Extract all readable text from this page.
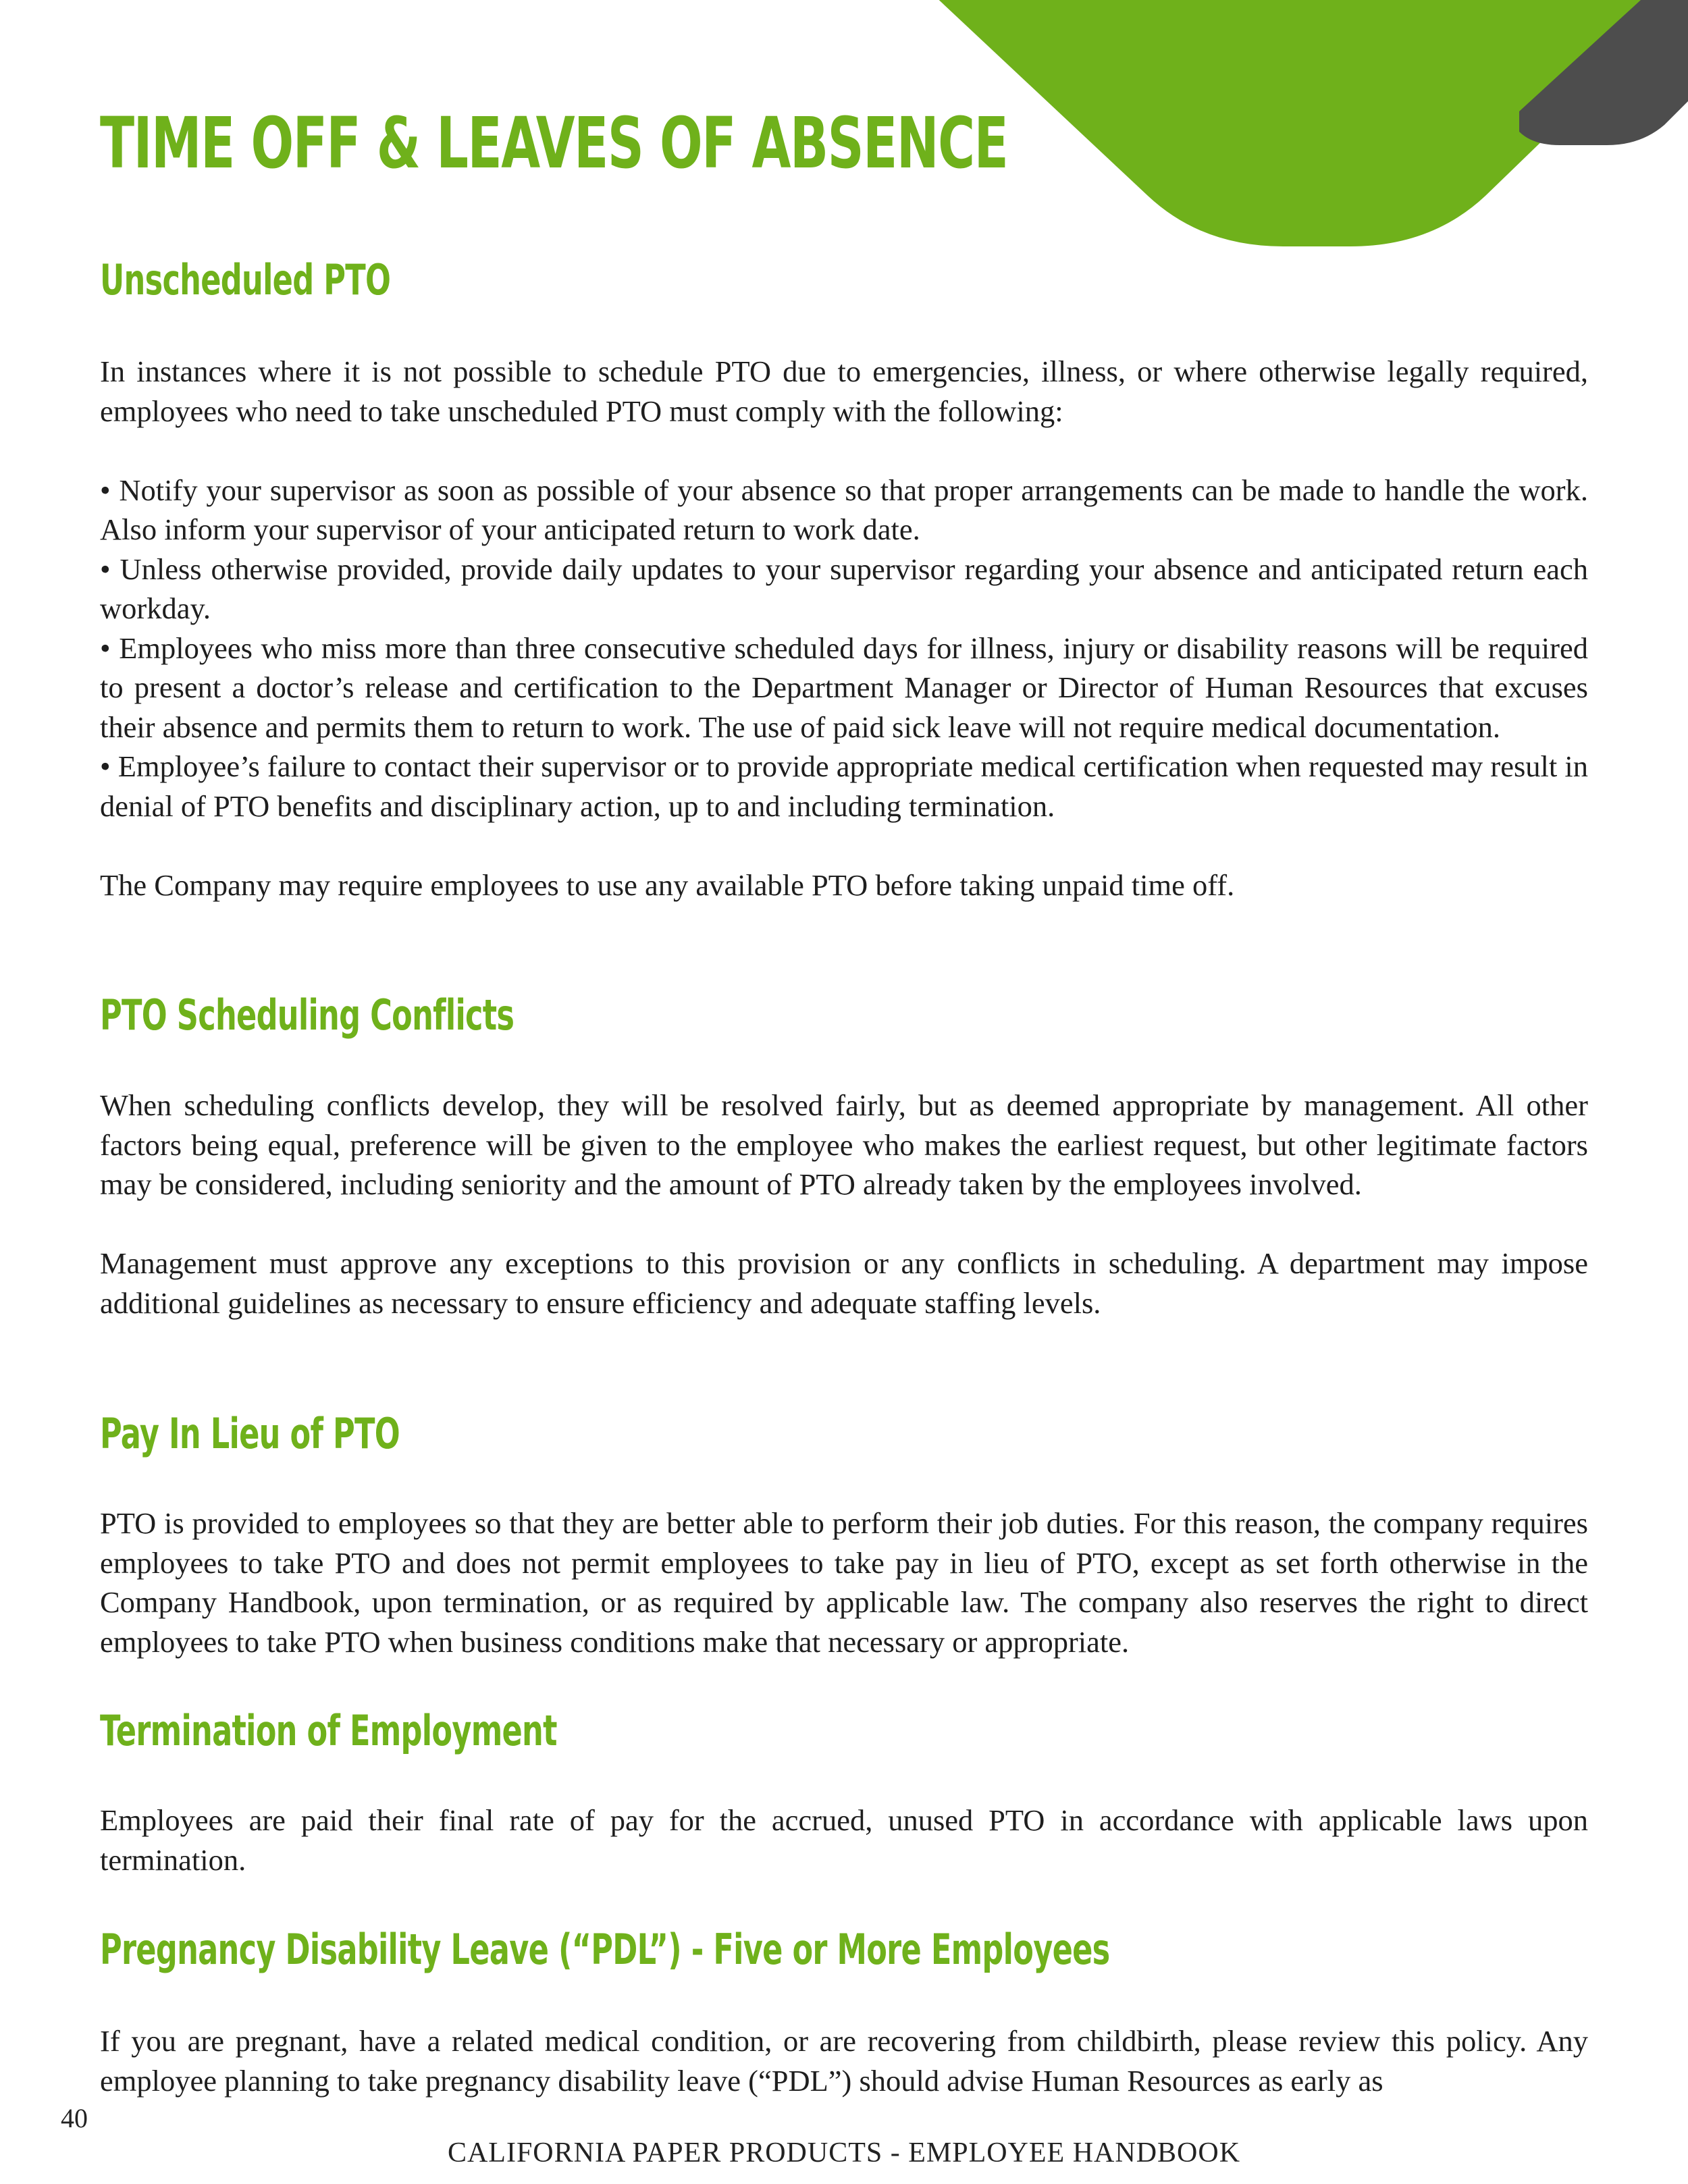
TIME OFF & LEAVES OF ABSENCE
Unscheduled PTO

In instances where it is not possible to schedule PTO due to emergencies, illness, or where otherwise legally required, employees who need to take unscheduled PTO must comply with the following:

• Notify your supervisor as soon as possible of your absence so that proper arrangements can be made to handle the work. Also inform your supervisor of your anticipated return to work date.

• Unless otherwise provided, provide daily updates to your supervisor regarding your absence and anticipated return each workday.

• Employees who miss more than three consecutive scheduled days for illness, injury or disability reasons will be required to present a doctor’s release and certification to the Department Manager or Director of Human Resources that excuses their absence and permits them to return to work. The use of paid sick leave will not require medical documentation.

• Employee’s failure to contact their supervisor or to provide appropriate medical certification when requested may result in denial of PTO benefits and disciplinary action, up to and including termination.

The Company may require employees to use any available PTO before taking unpaid time off.

PTO Scheduling Conflicts

When scheduling conflicts develop, they will be resolved fairly, but as deemed appropriate by management. All other factors being equal, preference will be given to the employee who makes the earliest request, but other legitimate factors may be considered, including seniority and the amount of PTO already taken by the employees involved.

Management must approve any exceptions to this provision or any conflicts in scheduling. A department may impose additional guidelines as necessary to ensure efficiency and adequate staffing levels.

Pay In Lieu of PTO

PTO is provided to employees so that they are better able to perform their job duties. For this reason, the company requires employees to take PTO and does not permit employees to take pay in lieu of PTO, except as set forth otherwise in the Company Handbook, upon termination, or as required by applicable law. The company also reserves the right to direct employees to take PTO when business conditions make that necessary or appropriate.

Termination of Employment

Employees are paid their final rate of pay for the accrued, unused PTO in accordance with applicable laws upon termination.

Pregnancy Disability Leave (“PDL”) - Five or More Employees

If you are pregnant, have a related medical condition, or are recovering from childbirth, please review this policy. Any employee planning to take pregnancy disability leave (“PDL”) should advise Human Resources as early as

40
CALIFORNIA PAPER PRODUCTS - EMPLOYEE HANDBOOK
